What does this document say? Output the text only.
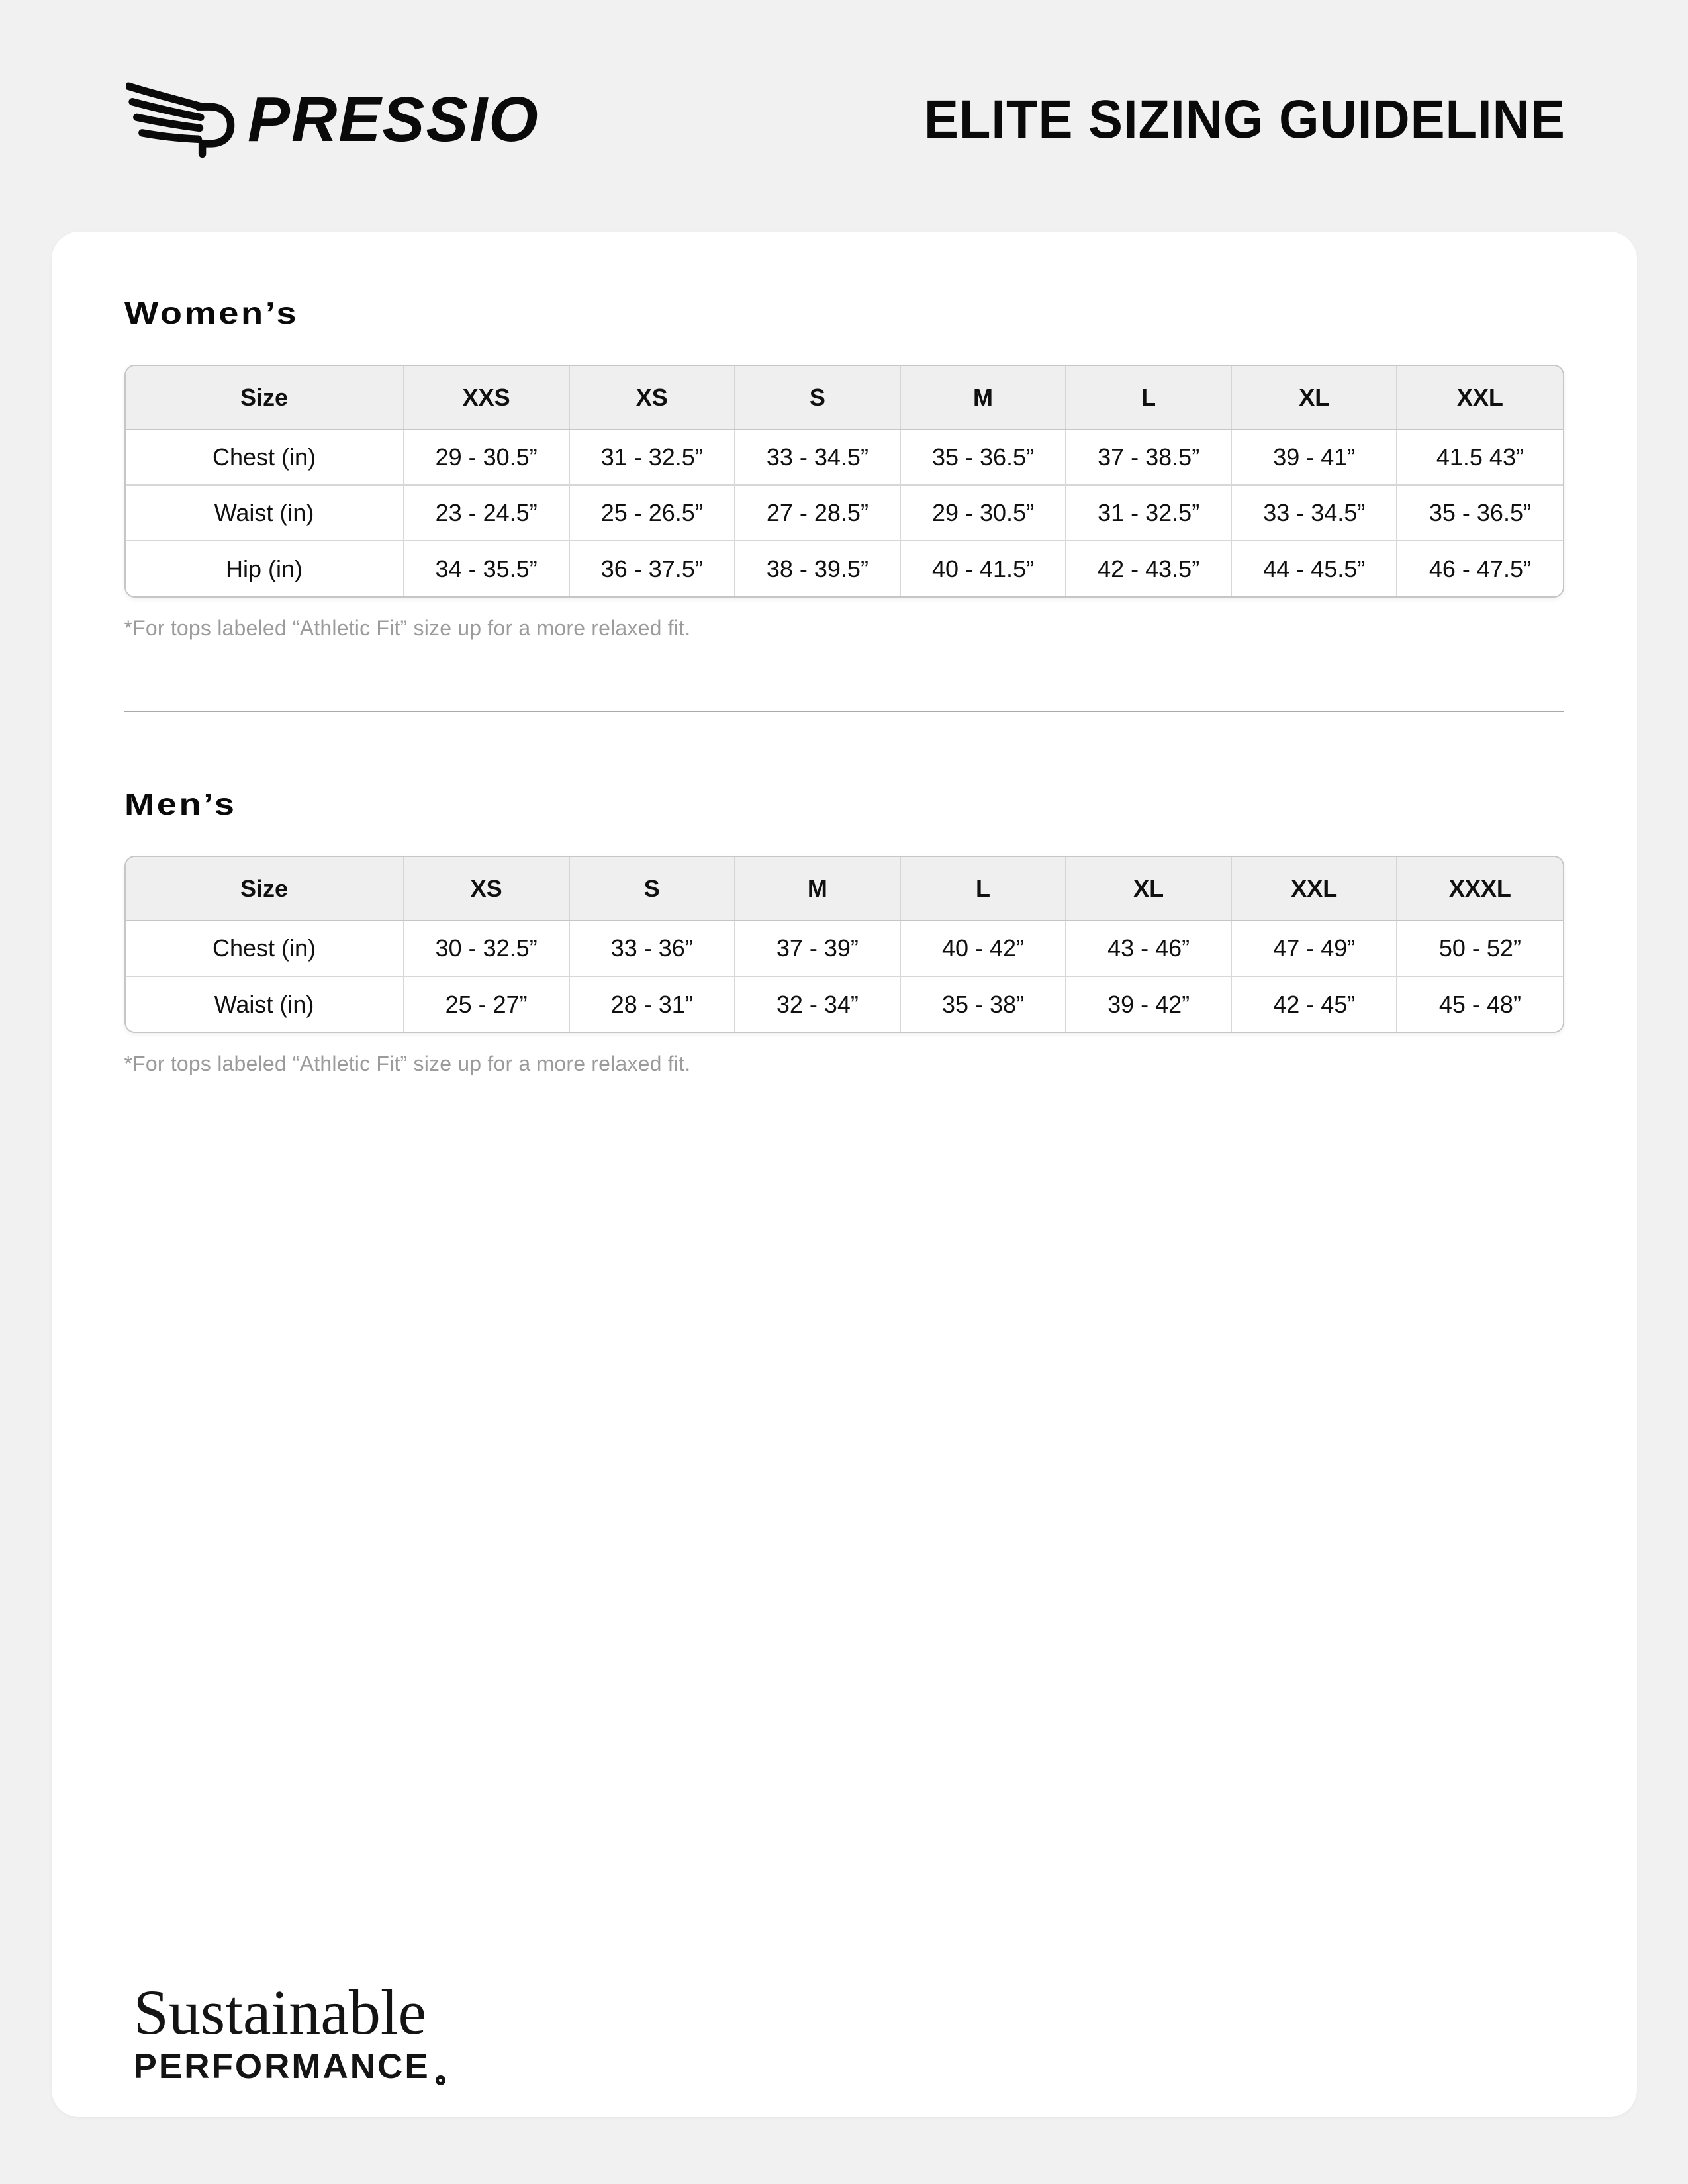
PRESSIO	ELITE SIZING GUIDELINE
Women’s
Size	XXS	XS	S	M	L	XL	XXL
Chest (in)	29 - 30.5”	31 - 32.5”	33 - 34.5”	35 - 36.5”	37 - 38.5”	39 - 41”	41.5 43”
Waist (in)	23 - 24.5”	25 - 26.5”	27 - 28.5”	29 - 30.5”	31 - 32.5”	33 - 34.5”	35 - 36.5”
Hip (in)	34 - 35.5”	36 - 37.5”	38 - 39.5”	40 - 41.5”	42 - 43.5”	44 - 45.5”	46 - 47.5”

*For tops labeled “Athletic Fit” size up for a more relaxed fit.

Men’s
Size	XS	S	M	L	XL	XXL	XXXL
Chest (in)	30 - 32.5”	33 - 36”	37 - 39”	40 - 42”	43 - 46”	47 - 49”	50 - 52”
Waist (in)	25 - 27”	28 - 31”	32 - 34”	35 - 38”	39 - 42”	42 - 45”	45 - 48”

*For tops labeled “Athletic Fit” size up for a more relaxed fit.

Sustainable
PERFORMANCE
